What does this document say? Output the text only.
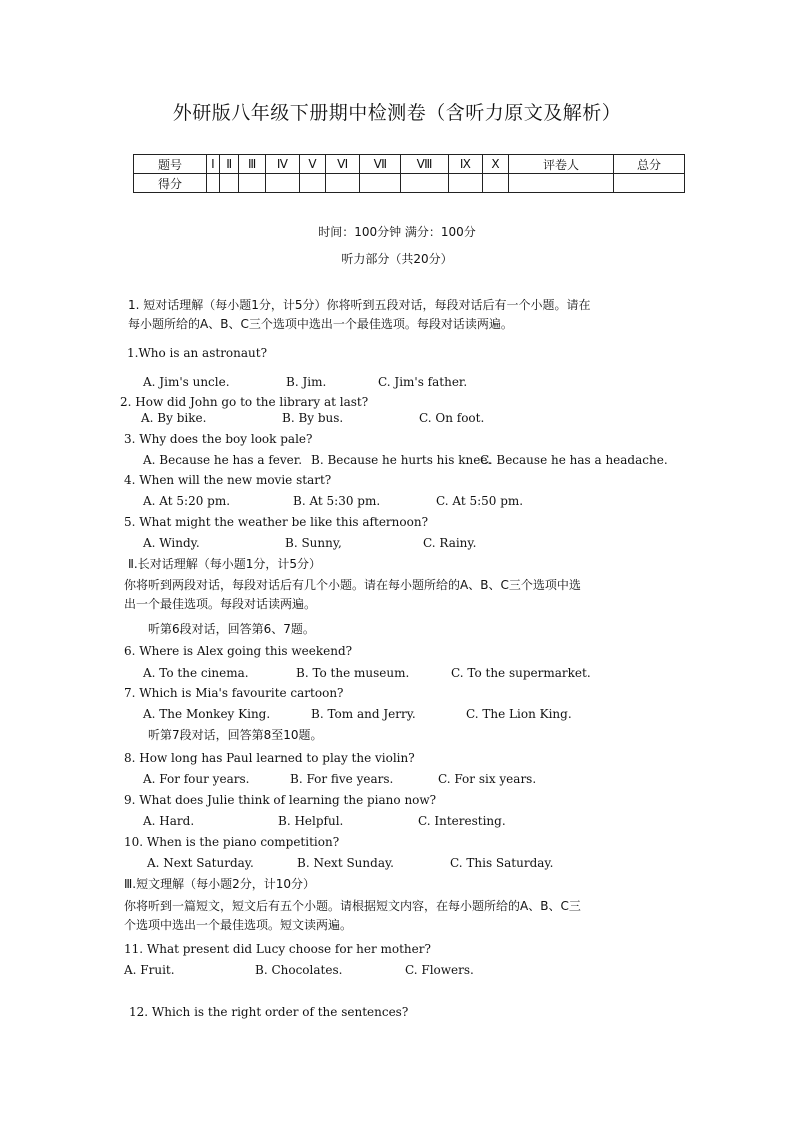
外研版八年级下册期中检测卷（含听力原文及解析）
题号	Ⅰ	Ⅱ	Ⅲ	Ⅳ	Ⅴ	Ⅵ	Ⅶ	Ⅷ	Ⅸ	Ⅹ	评卷人	总分
得分												
时间：100分钟 满分：100分
听力部分（共20分）
1. 短对话理解（每小题1分，计5分）你将听到五段对话，每段对话后有一个小题。请在
每小题所给的A、B、C三个选项中选出一个最佳选项。每段对话读两遍。
1.Who is an astronaut?
A. Jim's uncle.	B. Jim.	C. Jim's father.
2. How did John go to the library at last?
A. By bike.	B. By bus.	C. On foot.
3. Why does the boy look pale?
A. Because he has a fever. B. Because he hurts his knee.
C. Because he has a headache.
4. When will the new movie start?
A. At 5:20 pm.	B. At 5:30 pm.	C. At 5:50 pm.
5. What might the weather be like this afternoon?
A. Windy.	B. Sunny,	C. Rainy.
Ⅱ.长对话理解（每小题1分，计5分）
你将听到两段对话，每段对话后有几个小题。请在每小题所给的A、B、C三个选项中选
出一个最佳选项。每段对话读两遍。
听第6段对话，回答第6、7题。
6. Where is Alex going this weekend?
A. To the cinema.	B. To the museum.	C. To the supermarket.
7. Which is Mia's favourite cartoon?
A. The Monkey King.	B. Tom and Jerry.	C. The Lion King.
听第7段对话，回答第8至10题。
8. How long has Paul learned to play the violin?
A. For four years.	B. For five years.	C. For six years.
9. What does Julie think of learning the piano now?
A. Hard.	B. Helpful.	C. Interesting.
10. When is the piano competition?
A. Next Saturday.	B. Next Sunday.	C. This Saturday.
Ⅲ.短文理解（每小题2分，计10分）
你将听到一篇短文，短文后有五个小题。请根据短文内容，在每小题所给的A、B、C三
个选项中选出一个最佳选项。短文读两遍。
11. What present did Lucy choose for her mother?
A. Fruit.	B. Chocolates.	C. Flowers.
12. Which is the right order of the sentences?
